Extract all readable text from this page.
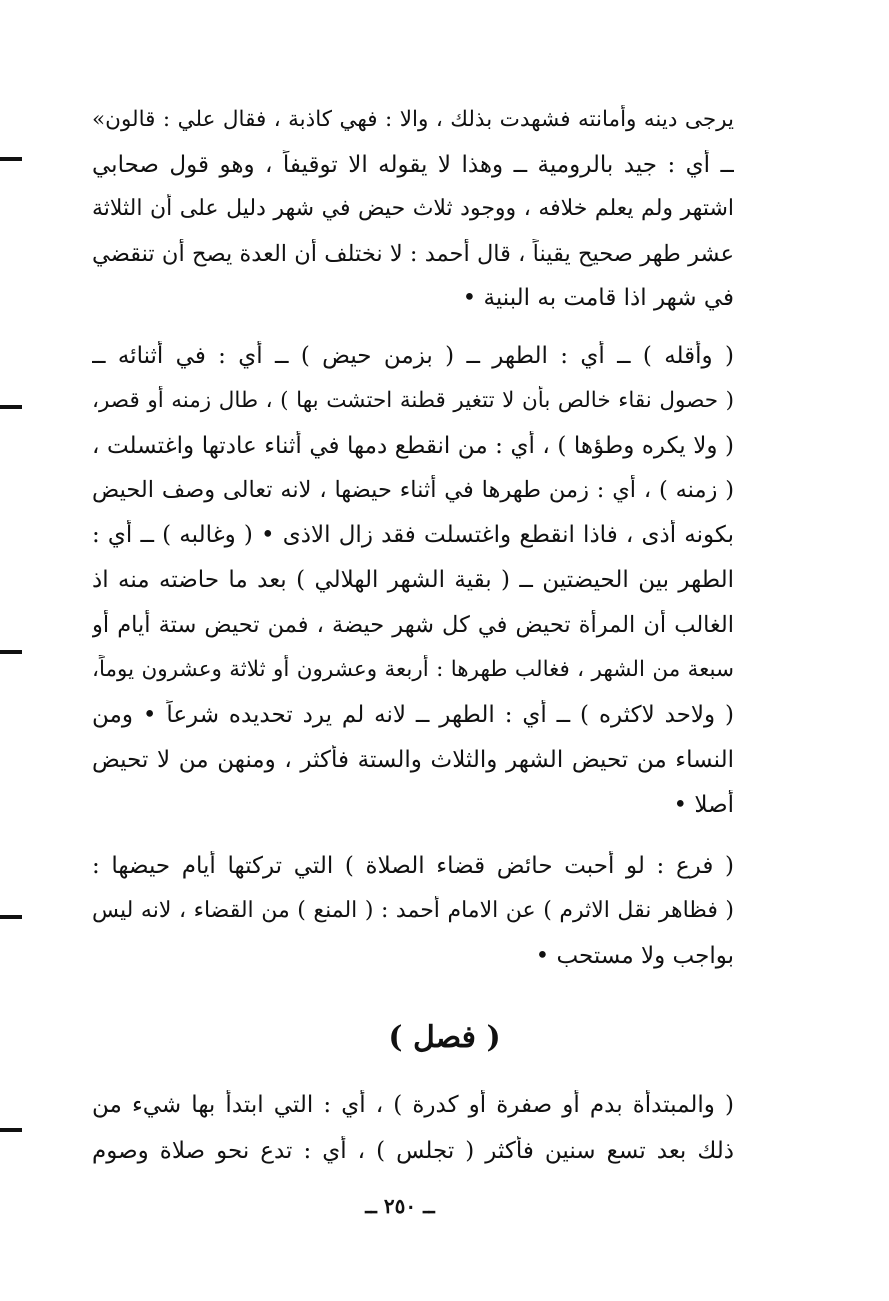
يرجى دينه وأمانته فشهدت بذلك ، والا : فهي كاذبة ، فقال علي : قالون»
ــ أي : جيد بالرومية ــ وهذا لا يقوله الا توقيفاً ، وهو قول صحابي
اشتهر ولم يعلم خلافه ، ووجود ثلاث حيض في شهر دليل على أن الثلاثة
عشر طهر صحيح يقيناً ، قال أحمد : لا نختلف أن العدة يصح أن تنقضي
في شهر اذا قامت به البنية •
( وأقله ) ــ أي : الطهر ــ ( بزمن حيض ) ــ أي : في أثنائه ــ
( حصول نقاء خالص بأن لا تتغير قطنة احتشت بها ) ، طال زمنه أو قصر،
( ولا يكره وطؤها ) ، أي : من انقطع دمها في أثناء عادتها واغتسلت ،
( زمنه ) ، أي : زمن طهرها في أثناء حيضها ، لانه تعالى وصف الحيض
بكونه أذى ، فاذا انقطع واغتسلت فقد زال الاذى • ( وغالبه ) ــ أي :
الطهر بين الحيضتين ــ ( بقية الشهر الهلالي ) بعد ما حاضته منه اذ
الغالب أن المرأة تحيض في كل شهر حيضة ، فمن تحيض ستة أيام أو
سبعة من الشهر ، فغالب طهرها : أربعة وعشرون أو ثلاثة وعشرون يوماً،
( ولاحد لاكثره ) ــ أي : الطهر ــ لانه لم يرد تحديده شرعاً • ومن
النساء من تحيض الشهر والثلاث والستة فأكثر ، ومنهن من لا تحيض
أصلا •
( فرع : لو أحبت حائض قضاء الصلاة ) التي تركتها أيام حيضها :
( فظاهر نقل الاثرم ) عن الامام أحمد : ( المنع ) من القضاء ، لانه ليس
بواجب ولا مستحب •
( فصل )
( والمبتدأة بدم أو صفرة أو كدرة ) ، أي : التي ابتدأ بها شيء من
ذلك بعد تسع سنين فأكثر ( تجلس ) ، أي : تدع نحو صلاة وصوم
ــ ٢٥٠ ــ
